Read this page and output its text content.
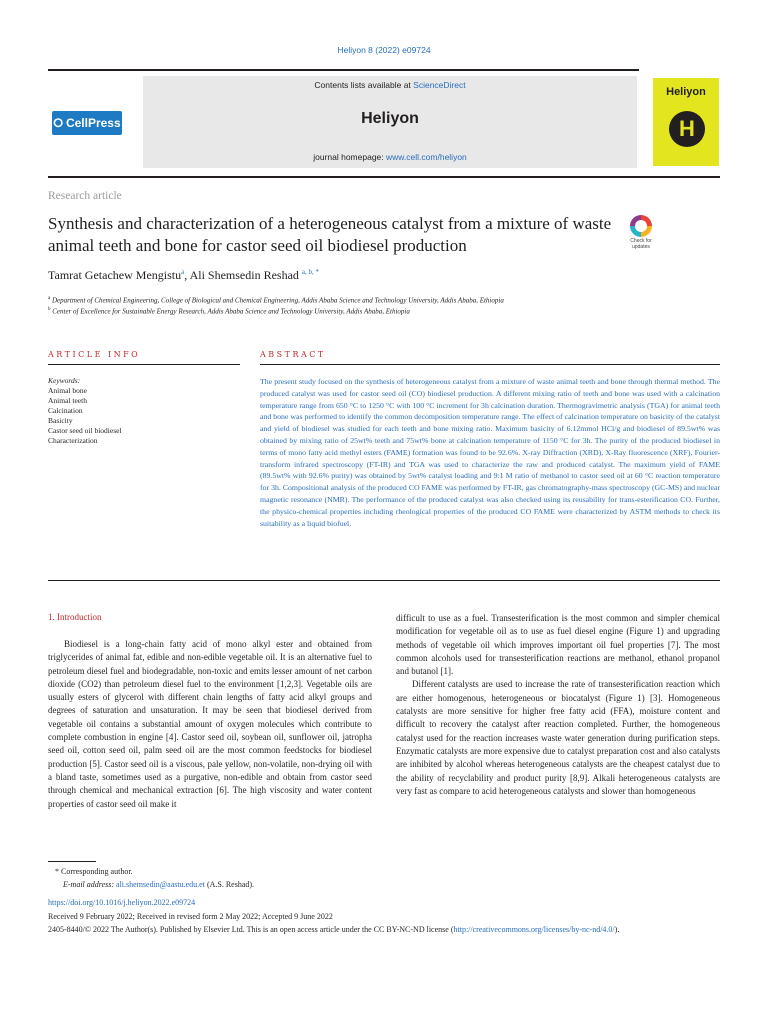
Heliyon 8 (2022) e09724
⭘ CellPress
Contents lists available at ScienceDirect
Heliyon
journal homepage: www.cell.com/heliyon
Heliyon
H
Research article
Synthesis and characterization of a heterogeneous catalyst from a mixture of waste animal teeth and bone for castor seed oil biodiesel production	Check for updates
Tamrat Getachew Mengistu$^a$, Ali Shemsedin Reshad $^{a, b, *}$
$^a$ Department of Chemical Engineering, College of Biological and Chemical Engineering, Addis Ababa Science and Technology University, Addis Ababa, Ethiopia
$^b$ Center of Excellence for Sustainable Energy Research, Addis Ababa Science and Technology University, Addis Ababa, Ethiopia
ARTICLE INFO	ABSTRACT
Keywords:
Animal bone
Animal teeth
Calcination
Basicity
Castor seed oil biodiesel
Characterization
The present study focused on the synthesis of heterogeneous catalyst from a mixture of waste animal teeth and bone through thermal method. The produced catalyst was used for castor seed oil (CO) biodiesel production. A different mixing ratio of teeth and bone was used with a calcination temperature range from 650 °C to 1250 °C with 100 °C increment for 3h calcination duration. Thermogravimetric analysis (TGA) for animal teeth and bone was performed to identify the common decomposition temperature range. The effect of calcination temperature on basicity of the catalyst and yield of biodiesel was studied for each teeth and bone mixing ratio. Maximum basicity of 6.12mmol HCl/g and biodiesel of 89.5wt% was obtained by mixing ratio of 25wt% teeth and 75wt% bone at calcination temperature of 1150 °C for 3h. The purity of the produced biodiesel in terms of mono fatty acid methyl esters (FAME) formation was found to be 92.6%. X-ray Diffraction (XRD), X-Ray fluorescence (XRF), Fourier-transform infrared spectroscopy (FT-IR) and TGA was used to characterize the raw and produced catalyst. The maximum yield of FAME (89.5wt% with 92.6% purity) was obtained by 5wt% catalyst loading and 9:1 M ratio of methanol to castor seed oil at 60 °C reaction temperature for 3h. Compositional analysis of the produced CO FAME was performed by FT-IR, gas chromatography-mass spectroscopy (GC-MS) and nuclear magnetic resonance (NMR). The performance of the produced catalyst was also checked using its reusability for trans-esterification CO. Further, the physico-chemical properties including rheological properties of the produced CO FAME were characterized by ASTM methods to check its suitability as a liquid biofuel.
1. Introduction
Biodiesel is a long-chain fatty acid of mono alkyl ester and obtained from triglycerides of animal fat, edible and non-edible vegetable oil. It is an alternative fuel to petroleum diesel fuel and biodegradable, non-toxic and emits lesser amount of net carbon dioxide (CO2) than petroleum diesel fuel to the environment [1,2,3]. Vegetable oils are usually esters of glycerol with different chain lengths of fatty acid alkyl groups and degrees of saturation and unsaturation. It may be seen that biodiesel derived from vegetable oil contains a substantial amount of oxygen molecules which contribute to complete combustion in engine [4]. Castor seed oil, soybean oil, sunflower oil, jatropha seed oil, cotton seed oil, palm seed oil are the most common feedstocks for biodiesel production [5]. Castor seed oil is a viscous, pale yellow, non-volatile, non-drying oil with a bland taste, sometimes used as a purgative, non-edible and obtain from castor seed through chemical and mechanical extraction [6]. The high viscosity and water content properties of castor seed oil make it

difficult to use as a fuel. Transesterification is the most common and simpler chemical modification for vegetable oil as to use as fuel diesel engine (Figure 1) and upgrading methods of vegetable oil which improves important oil fuel properties [7]. The most common alcohols used for transesterification reactions are methanol, ethanol propanol and butanol [1].

Different catalysts are used to increase the rate of transesterification reaction which are either homogenous, heterogeneous or biocatalyst (Figure 1) [3]. Homogeneous catalysts are more sensitive for higher free fatty acid (FFA), moisture content and difficult to recovery the catalyst after reaction completed. Further, the homogeneous catalyst used for the reaction increases waste water generation during purification steps. Enzymatic catalysts are more expensive due to catalyst preparation cost and also catalysts are inhibited by alcohol whereas heterogeneous catalysts are the cheapest catalyst due to the ability of recyclability and product purity [8,9]. Alkali heterogeneous catalysts are very fast as compare to acid heterogeneous catalysts and slower than homogeneous

* Corresponding author.
E-mail address: ali.shemsedin@aastu.edu.et (A.S. Reshad).
https://doi.org/10.1016/j.heliyon.2022.e09724
Received 9 February 2022; Received in revised form 2 May 2022; Accepted 9 June 2022
2405-8440/© 2022 The Author(s). Published by Elsevier Ltd. This is an open access article under the CC BY-NC-ND license (http://creativecommons.org/licenses/by-nc-nd/4.0/).
